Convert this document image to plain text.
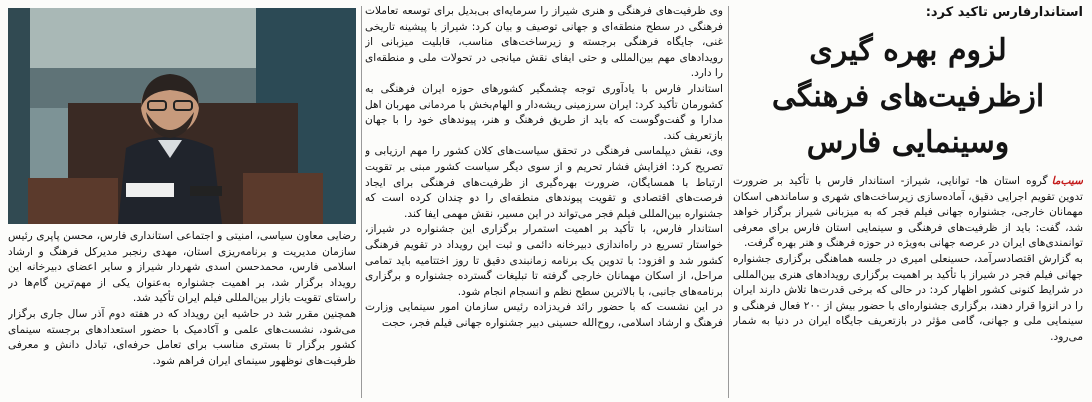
استاندارفارس تاکید کرد:
لزوم بهره گیری
ازظرفیت‌های فرهنگی
وسینمایی فارس

سیب‌ماگروه استان ها- توانایی، شیراز- استاندار فارس با تأکید بر ضرورت تدوین تقویم اجرایی دقیق، آماده‌سازی زیرساخت‌های شهری و ساماندهی اسکان مهمانان خارجی، جشنواره جهانی فیلم فجر که به میزبانی شیراز برگزار خواهد شد، گفت: باید از ظرفیت‌های فرهنگی و سینمایی استان فارس برای معرفی توانمندی‌های ایران در عرصه جهانی به‌ویژه در حوزه فرهنگ و هنر بهره گرفت.

به گزارش اقتصادسرآمد، حسینعلی امیری در جلسه هماهنگی برگزاری جشنواره جهانی فیلم فجر در شیراز با تأکید بر اهمیت برگزاری رویدادهای هنری بین‌المللی در شرایط کنونی کشور اظهار کرد: در حالی که برخی قدرت‌ها تلاش دارند ایران را در انزوا قرار دهند، برگزاری جشنواره‌ای با حضور بیش از ۲۰۰ فعال فرهنگی و سینمایی ملی و جهانی، گامی مؤثر در بازتعریف جایگاه ایران در دنیا به شمار می‌رود.

وی ظرفیت‌های فرهنگی و هنری شیراز را سرمایه‌ای بی‌بدیل برای توسعه تعاملات فرهنگی در سطح منطقه‌ای و جهانی توصیف و بیان کرد: شیراز با پیشینه تاریخی غنی، جایگاه فرهنگی برجسته و زیرساخت‌های مناسب، قابلیت میزبانی از رویدادهای مهم بین‌المللی و حتی ایفای نقش میانجی در تحولات ملی و منطقه‌ای را دارد.

استاندار فارس با یادآوری توجه چشمگیر کشورهای حوزه ایران فرهنگی به کشورمان تأکید کرد: ایران سرزمینی ریشه‌دار و الهام‌بخش با مردمانی مهربان اهل مدارا و گفت‌وگوست که باید از طریق فرهنگ و هنر، پیوندهای خود را با جهان بازتعریف کند.

وی، نقش دیپلماسی فرهنگی در تحقق سیاست‌های کلان کشور را مهم ارزیابی و تصریح کرد: افزایش فشار تحریم و از سوی دیگر سیاست کشور مبنی بر تقویت ارتباط با همسایگان، ضرورت بهره‌گیری از ظرفیت‌های فرهنگی برای ایجاد فرصت‌های اقتصادی و تقویت پیوندهای منطقه‌ای را دو چندان کرده است که جشنواره بین‌المللی فیلم فجر می‌تواند در این مسیر، نقش مهمی ایفا کند.

استاندار فارس، با تأکید بر اهمیت استمرار برگزاری این جشنواره در شیراز، خواستار تسریع در راه‌اندازی دبیرخانه دائمی و ثبت این رویداد در تقویم فرهنگی کشور شد و افزود: با تدوین یک برنامه زمانبندی دقیق تا روز اختتامیه باید تمامی مراحل، از اسکان مهمانان خارجی گرفته تا تبلیغات گسترده جشنواره و برگزاری برنامه‌های جانبی، با بالاترین سطح نظم و انسجام انجام شود.

در این نشست که با حضور رائد فریدزاده رئیس سازمان امور سینمایی وزارت فرهنگ و ارشاد اسلامی، روح‌الله حسینی دبیر جشنواره جهانی فیلم فجر، حجت

رضایی معاون سیاسی، امنیتی و اجتماعی استانداری فارس، محسن پاپری رئیس سازمان مدیریت و برنامه‌ریزی استان، مهدی رنجبر مدیرکل فرهنگ و ارشاد اسلامی فارس، محمدحسن اسدی شهردار شیراز و سایر اعضای دبیرخانه این رویداد برگزار شد، بر اهمیت جشنواره به‌عنوان یکی از مهم‌ترین گام‌ها در راستای تقویت بازار بین‌المللی فیلم ایران تأکید شد.

همچنین مقرر شد در حاشیه این رویداد که در هفته دوم آذر سال جاری برگزار می‌شود، نشست‌های علمی و آکادمیک با حضور استعدادهای برجسته سینمای کشور برگزار تا بستری مناسب برای تعامل حرفه‌ای، تبادل دانش و معرفی ظرفیت‌های نوظهور سینمای ایران فراهم شود.
